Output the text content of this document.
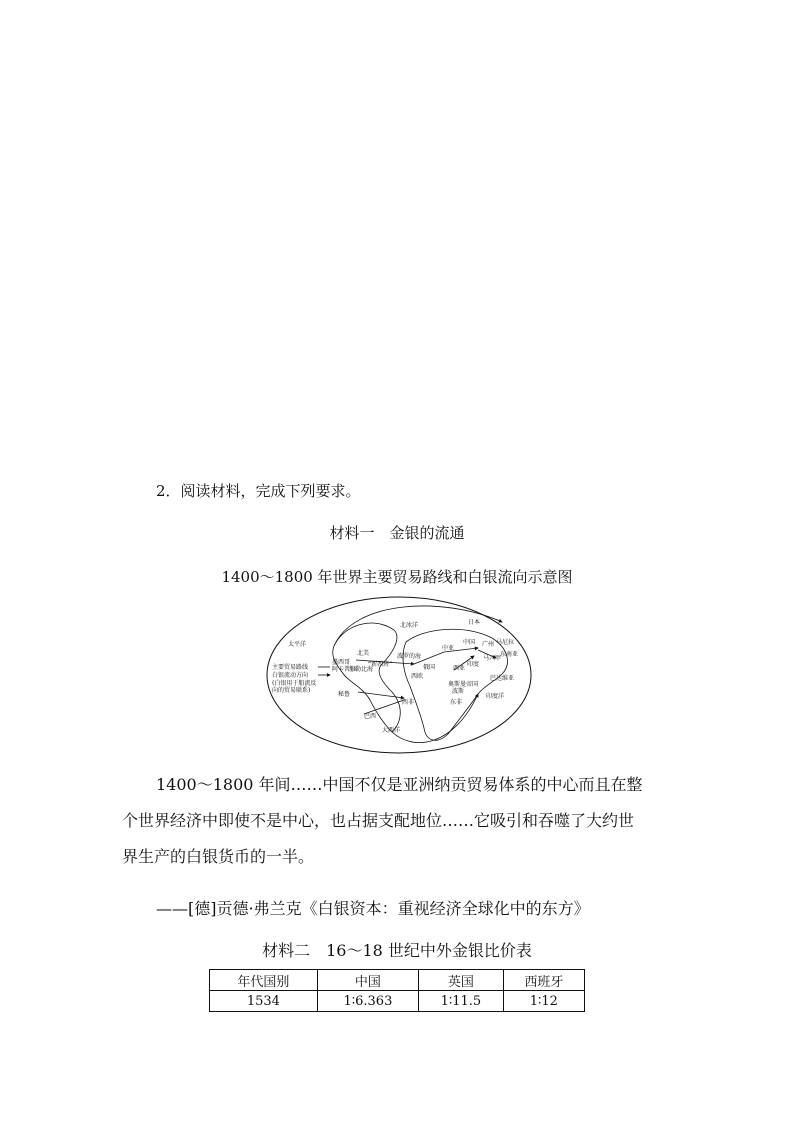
2．阅读材料，完成下列要求。
材料一　金银的流通
1400～1800 年世界主要贸易路线和白银流向示意图
北冰洋
太平洋
日本
北美	波罗的海
中亚
中国 广州 马尼拉
东南亚
马六甲
墨西哥
阿卡普尔
加勒比海
“新西班”	俄国	西亚
印度
西欧
奥斯曼帝国
波斯
秘鲁
西非	东非
巴达维亚
印度洋
巴西
大西洋
主要贸易路线
白银流动方向
(白银用于船流反
向的贸易联系)
1400～1800 年间……中国不仅是亚洲纳贡贸易体系的中心而且在整
个世界经济中即使不是中心，也占据支配地位……它吸引和吞噬了大约世
界生产的白银货币的一半。
——[德]贡德·弗兰克《白银资本：重视经济全球化中的东方》
材料二　16～18 世纪中外金银比价表
年代国别	中国	英国	西班牙
1534	1∶6.363	1∶11.5	1∶12
